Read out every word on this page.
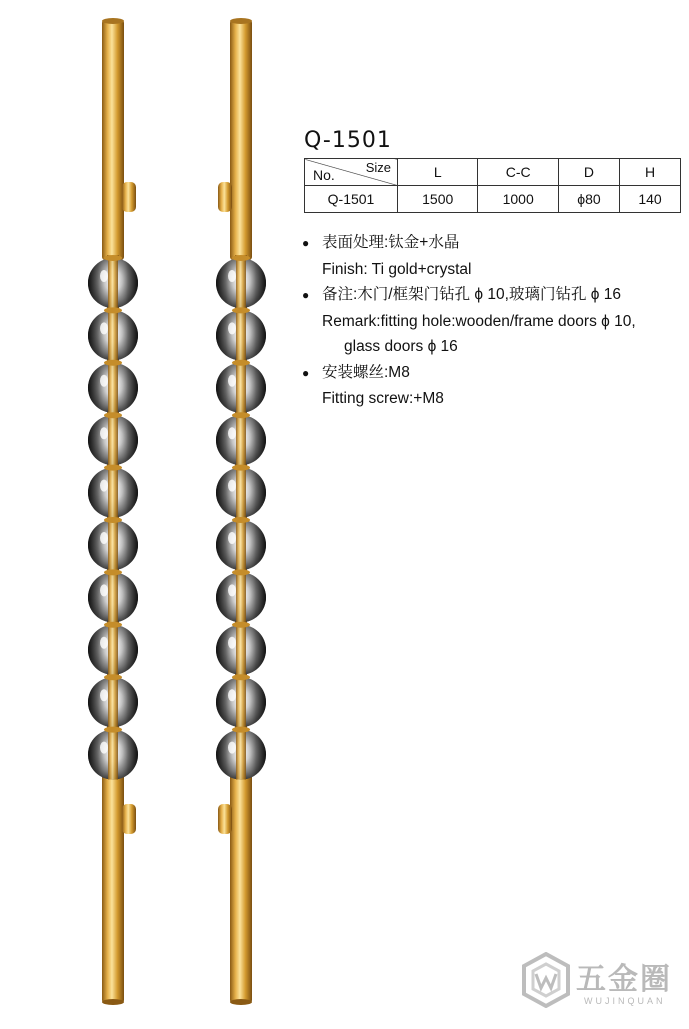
Q-1501
Size
No.	L	C-C	D	H
Q-1501	1500	1000	ϕ80	140
● 表面处理:钛金+水晶
Finish: Ti gold+crystal
● 备注:木门/框架门钻孔 ϕ 10,玻璃门钻孔 ϕ 16
Remark:fitting hole:wooden/frame doors ϕ 10,
glass doors ϕ 16
● 安装螺丝:M8
Fitting screw:+M8
五金圈
WUJINQUAN
